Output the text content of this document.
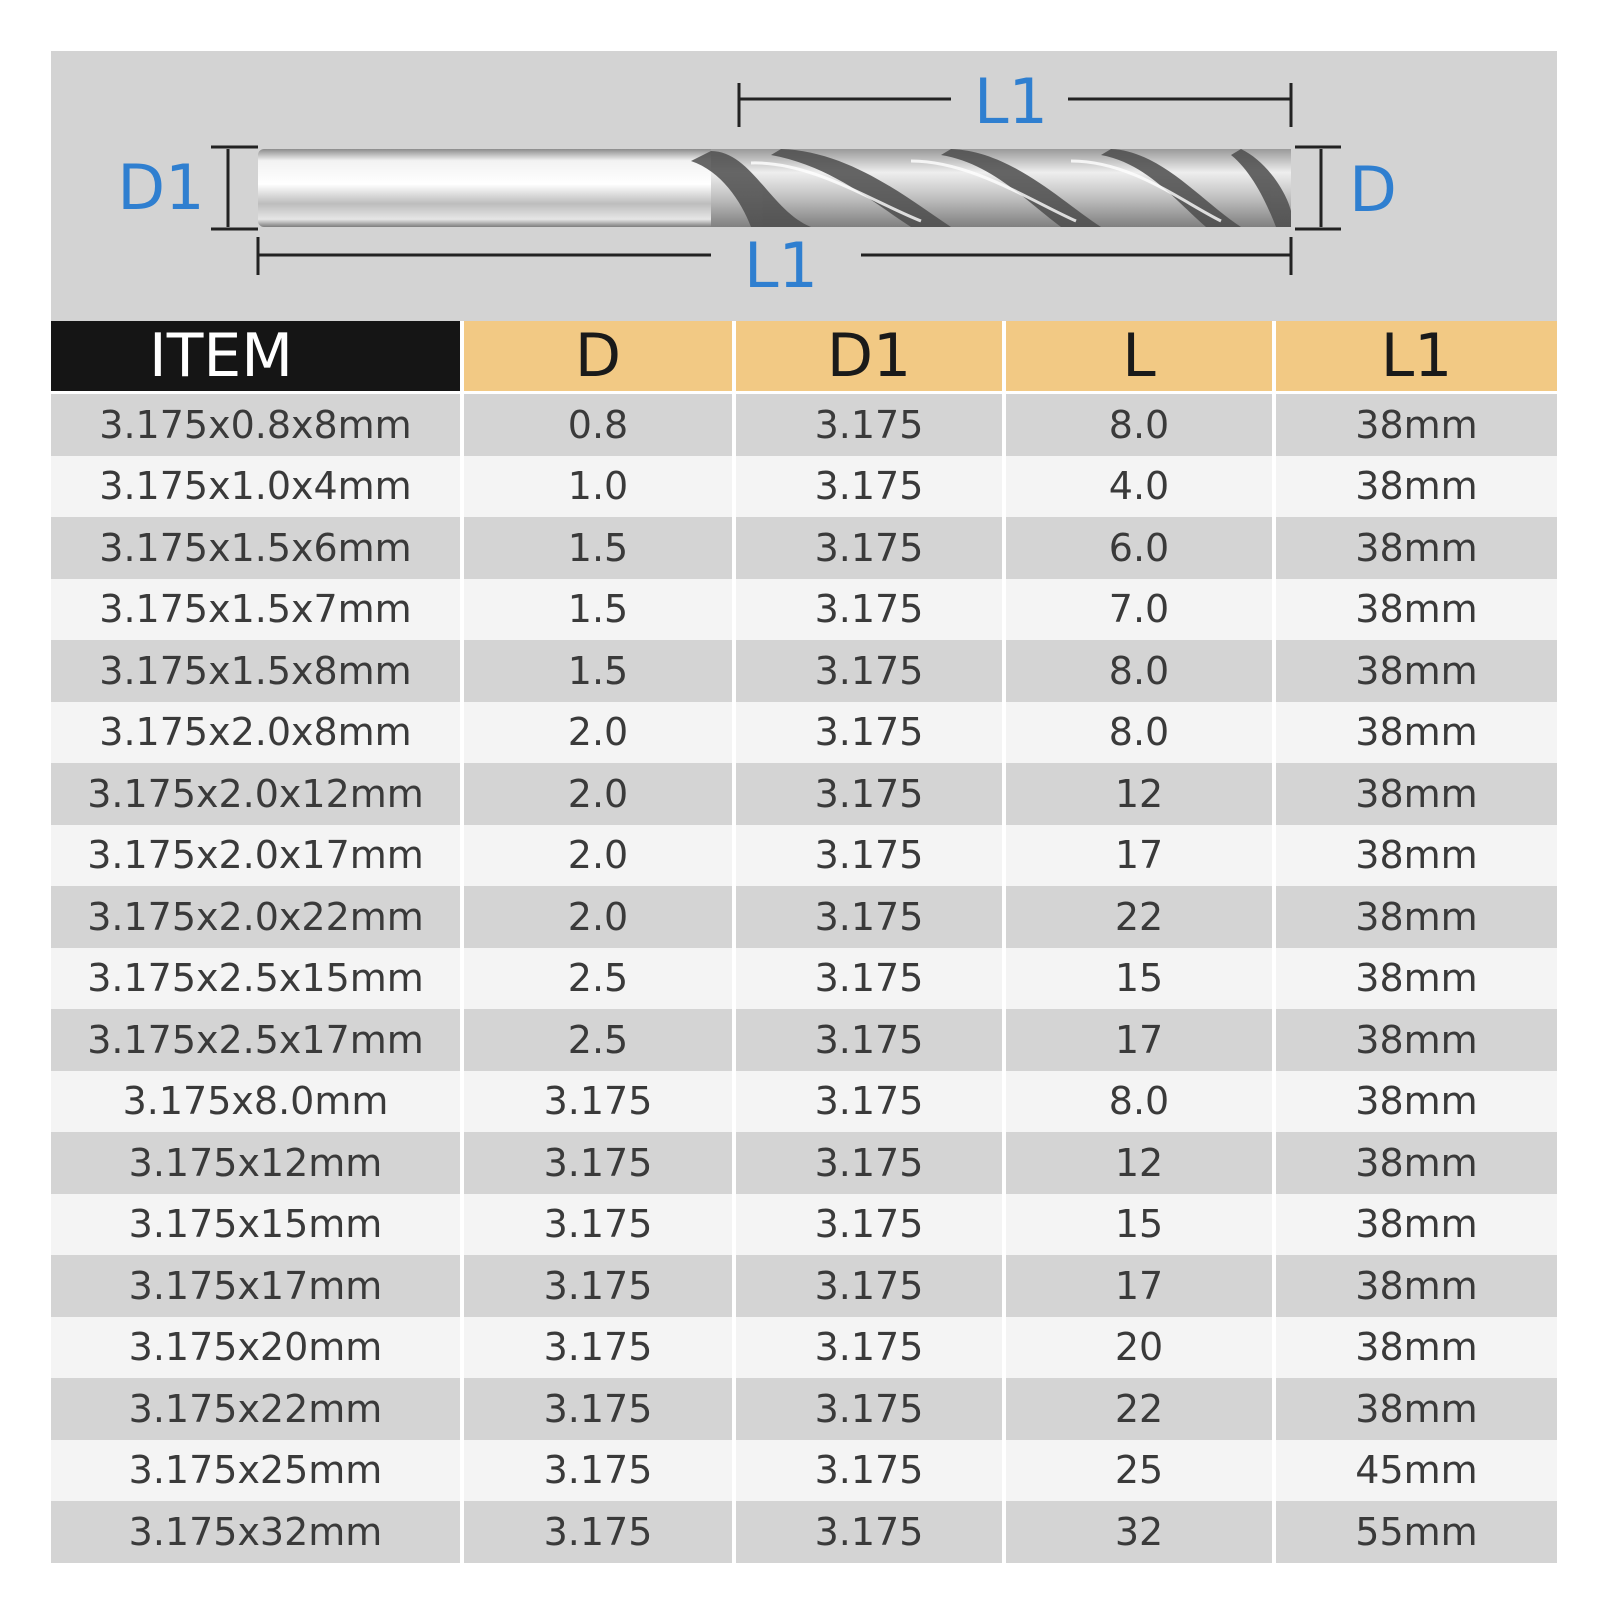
L1
L1
D1	D
ITEM	D	D1	L	L1
3.175x0.8x8mm	0.8	3.175	8.0	38mm
3.175x1.0x4mm	1.0	3.175	4.0	38mm
3.175x1.5x6mm	1.5	3.175	6.0	38mm
3.175x1.5x7mm	1.5	3.175	7.0	38mm
3.175x1.5x8mm	1.5	3.175	8.0	38mm
3.175x2.0x8mm	2.0	3.175	8.0	38mm
3.175x2.0x12mm	2.0	3.175	12	38mm
3.175x2.0x17mm	2.0	3.175	17	38mm
3.175x2.0x22mm	2.0	3.175	22	38mm
3.175x2.5x15mm	2.5	3.175	15	38mm
3.175x2.5x17mm	2.5	3.175	17	38mm
3.175x8.0mm	3.175	3.175	8.0	38mm
3.175x12mm	3.175	3.175	12	38mm
3.175x15mm	3.175	3.175	15	38mm
3.175x17mm	3.175	3.175	17	38mm
3.175x20mm	3.175	3.175	20	38mm
3.175x22mm	3.175	3.175	22	38mm
3.175x25mm	3.175	3.175	25	45mm
3.175x32mm	3.175	3.175	32	55mm
